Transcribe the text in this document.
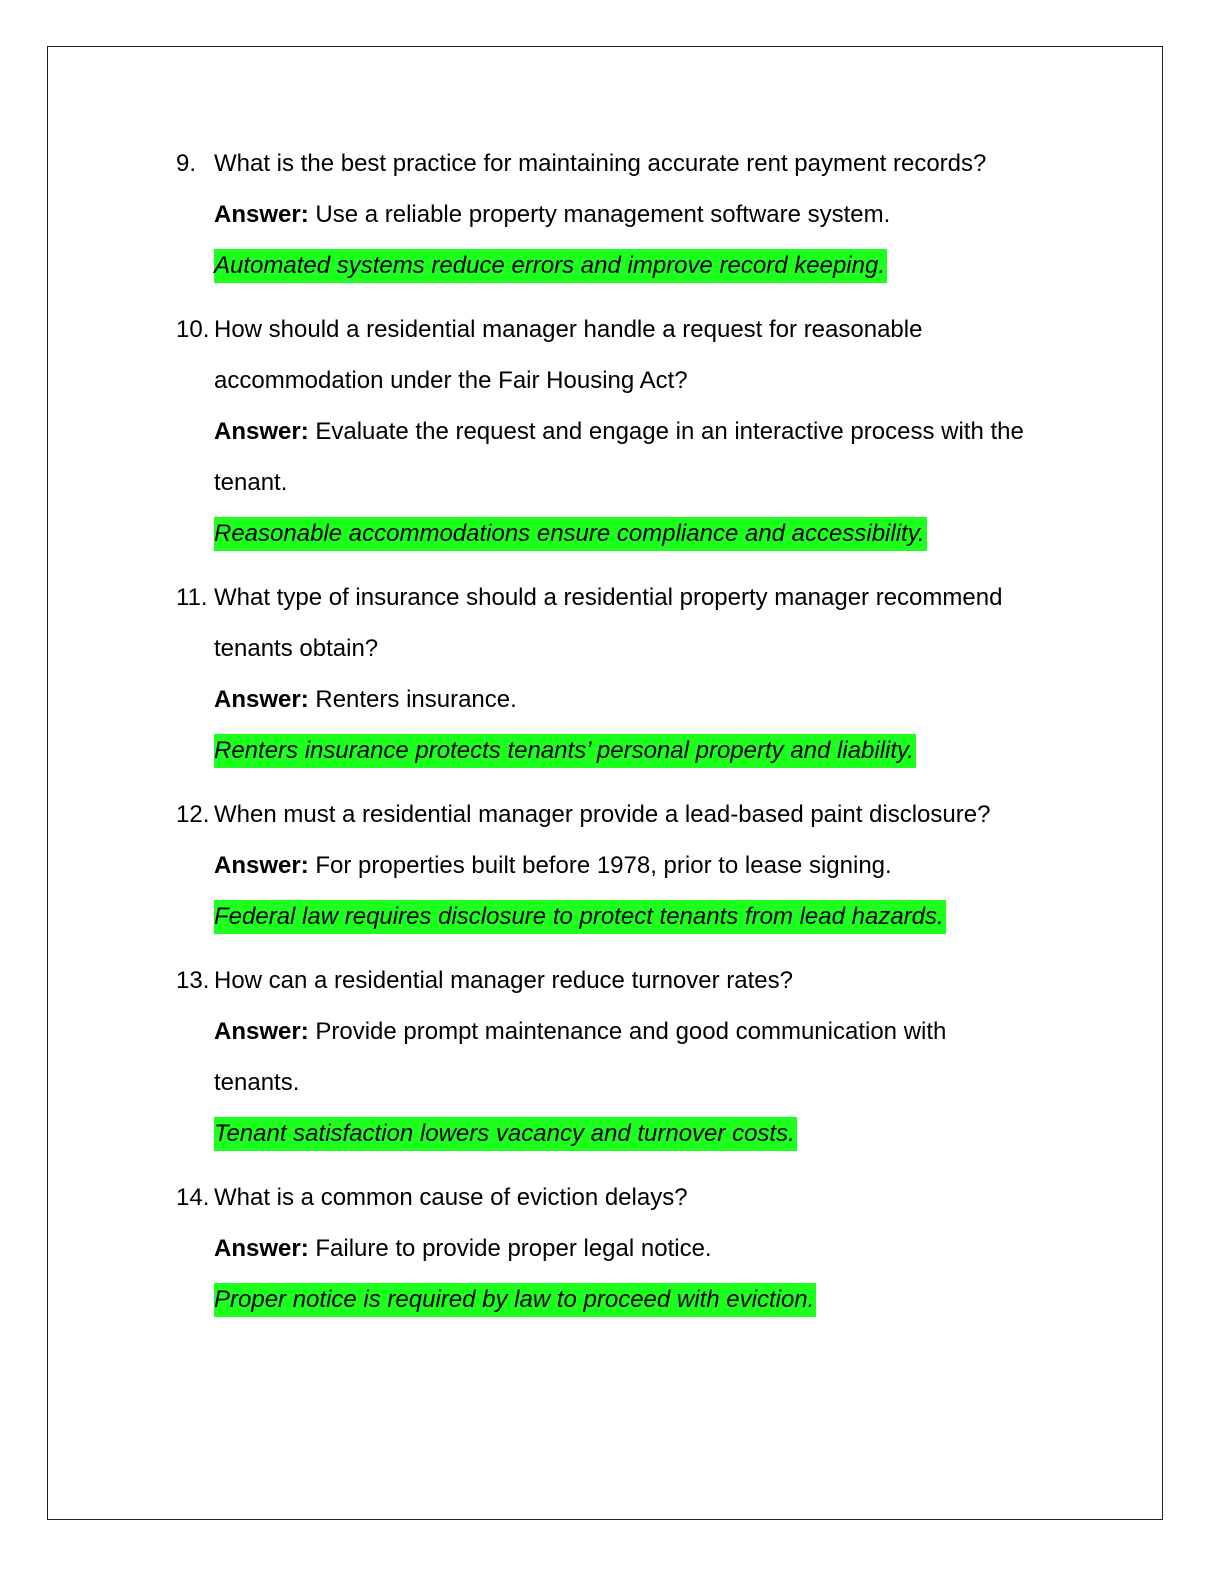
9. What is the best practice for maintaining accurate rent payment records?
Answer: Use a reliable property management software system.
Automated systems reduce errors and improve record keeping.
10. How should a residential manager handle a request for reasonable
accommodation under the Fair Housing Act?
Answer: Evaluate the request and engage in an interactive process with the
tenant.
Reasonable accommodations ensure compliance and accessibility.
11. What type of insurance should a residential property manager recommend
tenants obtain?
Answer: Renters insurance.
Renters insurance protects tenants’ personal property and liability.
12. When must a residential manager provide a lead-based paint disclosure?
Answer: For properties built before 1978, prior to lease signing.
Federal law requires disclosure to protect tenants from lead hazards.
13. How can a residential manager reduce turnover rates?
Answer: Provide prompt maintenance and good communication with
tenants.
Tenant satisfaction lowers vacancy and turnover costs.
14. What is a common cause of eviction delays?
Answer: Failure to provide proper legal notice.
Proper notice is required by law to proceed with eviction.
